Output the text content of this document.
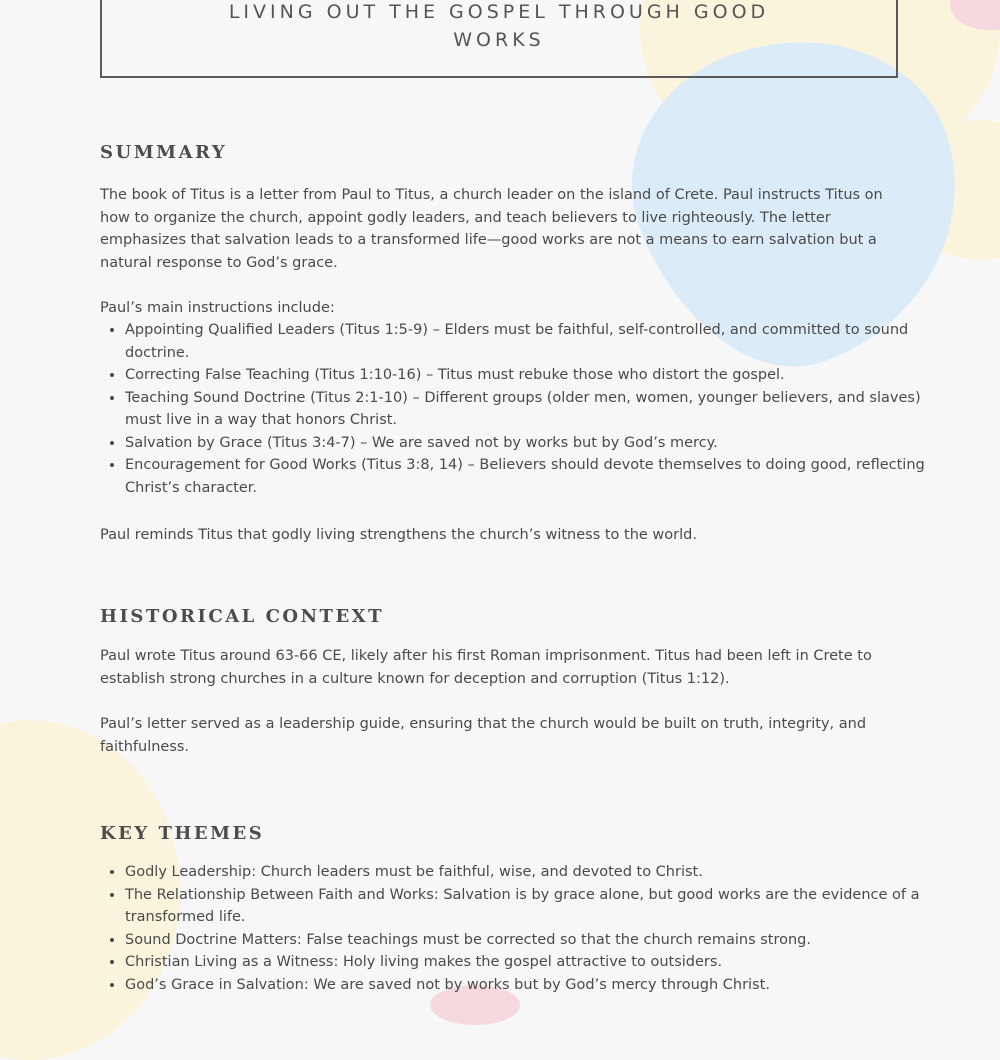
LIVING OUT THE GOSPEL THROUGH GOOD WORKS
SUMMARY

The book of Titus is a letter from Paul to Titus, a church leader on the island of Crete. Paul instructs Titus on how to organize the church, appoint godly leaders, and teach believers to live righteously. The letter emphasizes that salvation leads to a transformed life—good works are not a means to earn salvation but a natural response to God’s grace.

Paul’s main instructions include:

• Appointing Qualified Leaders (Titus 1:5-9) – Elders must be faithful, self-controlled, and committed to sound doctrine.
• Correcting False Teaching (Titus 1:10-16) – Titus must rebuke those who distort the gospel.
• Teaching Sound Doctrine (Titus 2:1-10) – Different groups (older men, women, younger believers, and slaves) must live in a way that honors Christ.
• Salvation by Grace (Titus 3:4-7) – We are saved not by works but by God’s mercy.
• Encouragement for Good Works (Titus 3:8, 14) – Believers should devote themselves to doing good, reflecting Christ’s character.

Paul reminds Titus that godly living strengthens the church’s witness to the world.

HISTORICAL CONTEXT

Paul wrote Titus around 63-66 CE, likely after his first Roman imprisonment. Titus had been left in Crete to establish strong churches in a culture known for deception and corruption (Titus 1:12).

Paul’s letter served as a leadership guide, ensuring that the church would be built on truth, integrity, and faithfulness.

KEY THEMES
• Godly Leadership: Church leaders must be faithful, wise, and devoted to Christ.
• The Relationship Between Faith and Works: Salvation is by grace alone, but good works are the evidence of a transformed life.
• Sound Doctrine Matters: False teachings must be corrected so that the church remains strong.
• Christian Living as a Witness: Holy living makes the gospel attractive to outsiders.
• God’s Grace in Salvation: We are saved not by works but by God’s mercy through Christ.
